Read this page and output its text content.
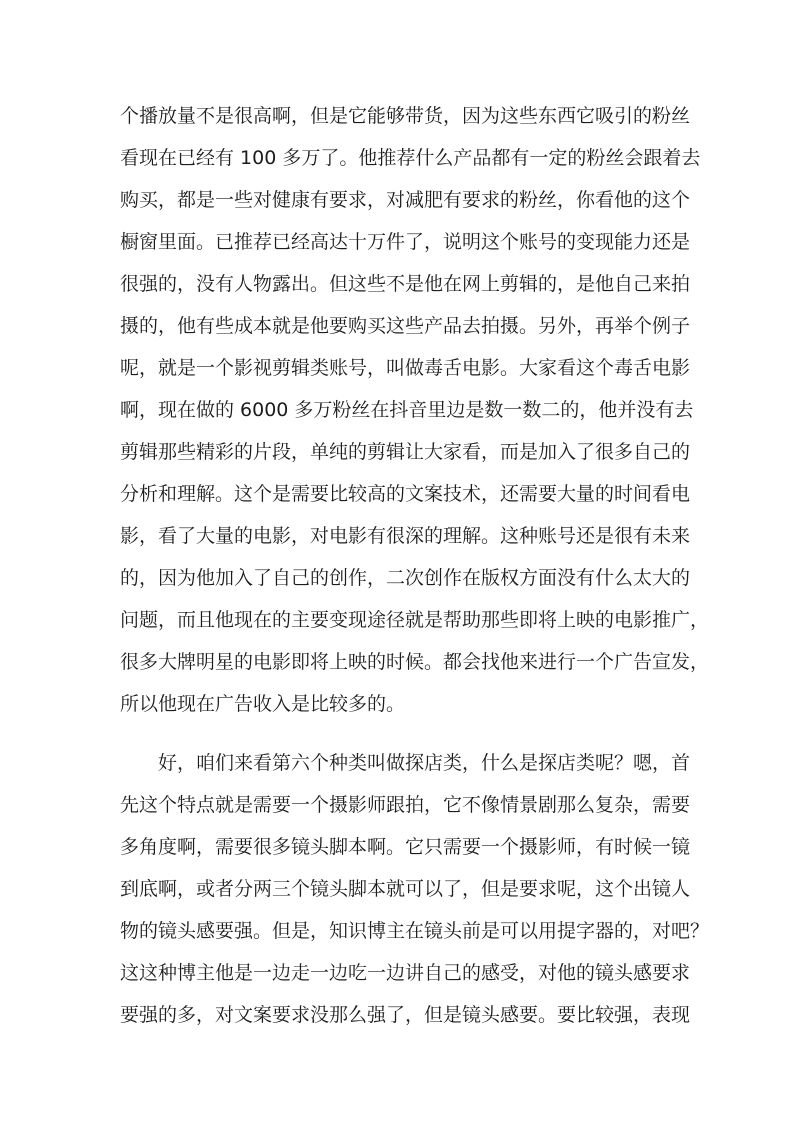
个播放量不是很高啊，但是它能够带货，因为这些东西它吸引的粉丝
看现在已经有 100 多万了。他推荐什么产品都有一定的粉丝会跟着去
购买，都是一些对健康有要求，对减肥有要求的粉丝，你看他的这个
橱窗里面。已推荐已经高达十万件了，说明这个账号的变现能力还是
很强的，没有人物露出。但这些不是他在网上剪辑的，是他自己来拍
摄的，他有些成本就是他要购买这些产品去拍摄。另外，再举个例子
呢，就是一个影视剪辑类账号，叫做毒舌电影。大家看这个毒舌电影
啊，现在做的 6000 多万粉丝在抖音里边是数一数二的，他并没有去
剪辑那些精彩的片段，单纯的剪辑让大家看，而是加入了很多自己的
分析和理解。这个是需要比较高的文案技术，还需要大量的时间看电
影，看了大量的电影，对电影有很深的理解。这种账号还是很有未来
的，因为他加入了自己的创作，二次创作在版权方面没有什么太大的
问题，而且他现在的主要变现途径就是帮助那些即将上映的电影推广，
很多大牌明星的电影即将上映的时候。都会找他来进行一个广告宣发，
所以他现在广告收入是比较多的。
好，咱们来看第六个种类叫做探店类，什么是探店类呢？嗯，首
先这个特点就是需要一个摄影师跟拍，它不像情景剧那么复杂，需要
多角度啊，需要很多镜头脚本啊。它只需要一个摄影师，有时候一镜
到底啊，或者分两三个镜头脚本就可以了，但是要求呢，这个出镜人
物的镜头感要强。但是，知识博主在镜头前是可以用提字器的，对吧？
这这种博主他是一边走一边吃一边讲自己的感受，对他的镜头感要求
要强的多，对文案要求没那么强了，但是镜头感要。要比较强，表现
